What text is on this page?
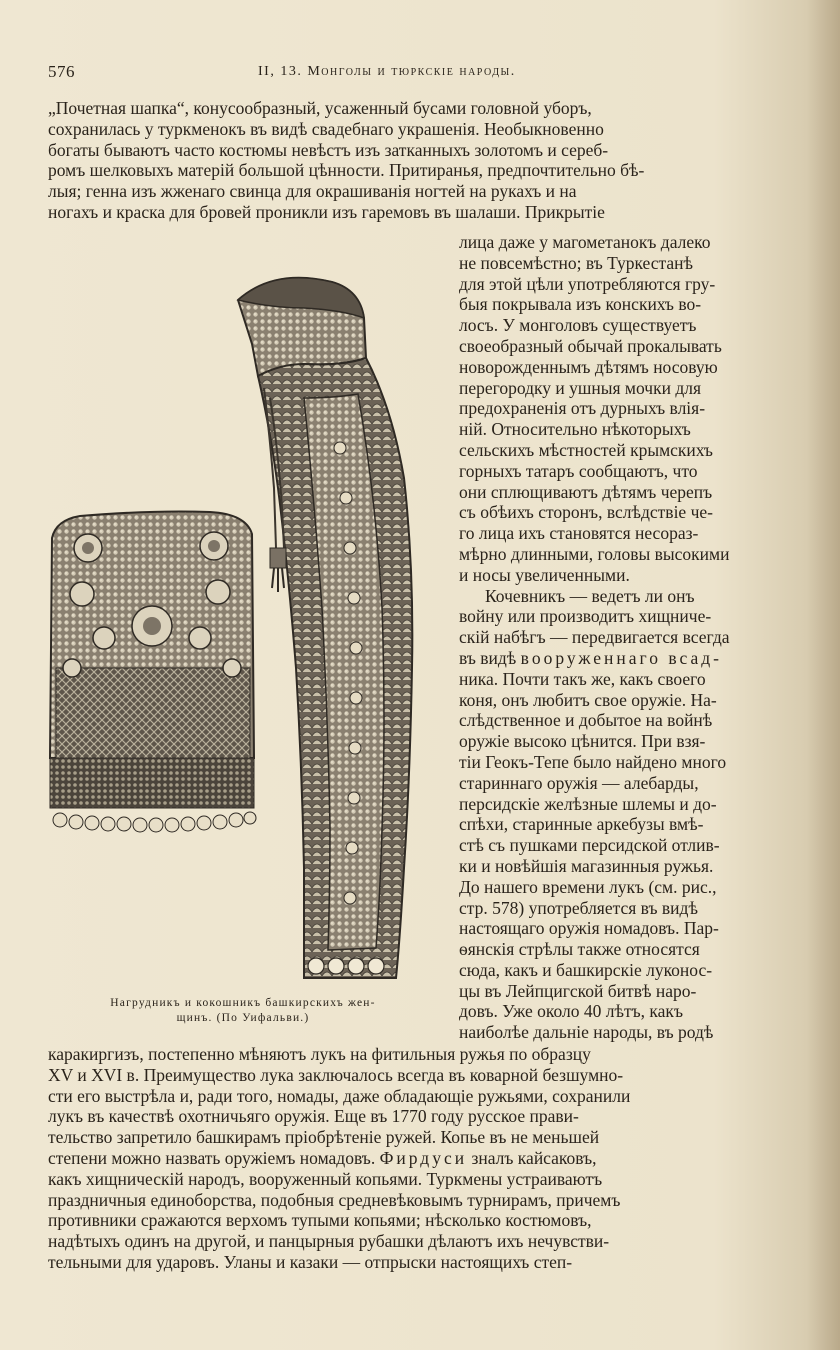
576	II, 13. Монголы и тюркскіе народы.
„Почетная шапка“, конусообразный, усаженный бусами головной уборъ,
сохранилась у туркменокъ въ видѣ свадебнаго украшенія. Необыкновенно
богаты бываютъ часто костюмы невѣстъ изъ затканныхъ золотомъ и сереб-
ромъ шелковыхъ матерій большой цѣнности. Притиранья, предпочтительно бѣ-
лыя; генна изъ жженаго свинца для окрашиванія ногтей на рукахъ и на
ногахъ и краска для бровей проникли изъ гаремовъ въ шалаши. Прикрытіе
лица даже у магометанокъ далеко
не повсемѣстно; въ Туркестанѣ
для этой цѣли употребляются гру-
быя покрывала изъ конскихъ во-
лосъ. У монголовъ существуетъ
своеобразный обычай прокалывать
новорожденнымъ дѣтямъ носовую
перегородку и ушныя мочки для
предохраненія отъ дурныхъ влія-
ній. Относительно нѣкоторыхъ
сельскихъ мѣстностей крымскихъ
горныхъ татаръ сообщаютъ, что
они сплющиваютъ дѣтямъ черепъ
съ обѣихъ сторонъ, вслѣдствіе че-
го лица ихъ становятся несораз-
мѣрно длинными, головы высокими
и носы увеличенными.
Кочевникъ — ведетъ ли онъ
войну или производитъ хищниче-
скій набѣгъ — передвигается всегда
въ видѣ вооруженнаго всад-
ника. Почти такъ же, какъ своего
коня, онъ любитъ свое оружіе. На-
слѣдственное и добытое на войнѣ
оружіе высоко цѣнится. При взя-
тіи Геокъ-Тепе было найдено много
стариннаго оружія — алебарды,
персидскіе желѣзные шлемы и до-
спѣхи, старинные аркебузы вмѣ-
стѣ съ пушками персидской отлив-
ки и новѣйшія магазинныя ружья.
До нашего времени лукъ (см. рис.,
стр. 578) употребляется въ видѣ
настоящаго оружія номадовъ. Пар-
ѳянскія стрѣлы также относятся
сюда, какъ и башкирскіе луконос-
цы въ Лейпцигской битвѣ наро-
довъ. Уже около 40 лѣтъ, какъ
наиболѣе дальніе народы, въ родѣ
Нагрудникъ и кокошникъ башкирскихъ жен-
щинъ. (По Уифальви.)
каракиргизъ, постепенно мѣняютъ лукъ на фитильныя ружья по образцу
XV и XVI в. Преимущество лука заключалось всегда въ коварной безшумно-
сти его выстрѣла и, ради того, номады, даже обладающіе ружьями, сохранили
лукъ въ качествѣ охотничьяго оружія. Еще въ 1770 году русское прави-
тельство запретило башкирамъ пріобрѣтеніе ружей. Копье въ не меньшей
степени можно назвать оружіемъ номадовъ. Фирдуси зналъ кайсаковъ,
какъ хищническій народъ, вооруженный копьями. Туркмены устраиваютъ
праздничныя единоборства, подобныя средневѣковымъ турнирамъ, причемъ
противники сражаются верхомъ тупыми копьями; нѣсколько костюмовъ,
надѣтыхъ одинъ на другой, и панцырныя рубашки дѣлаютъ ихъ нечувстви-
тельными для ударовъ. Уланы и казаки — отпрыски настоящихъ степ-
